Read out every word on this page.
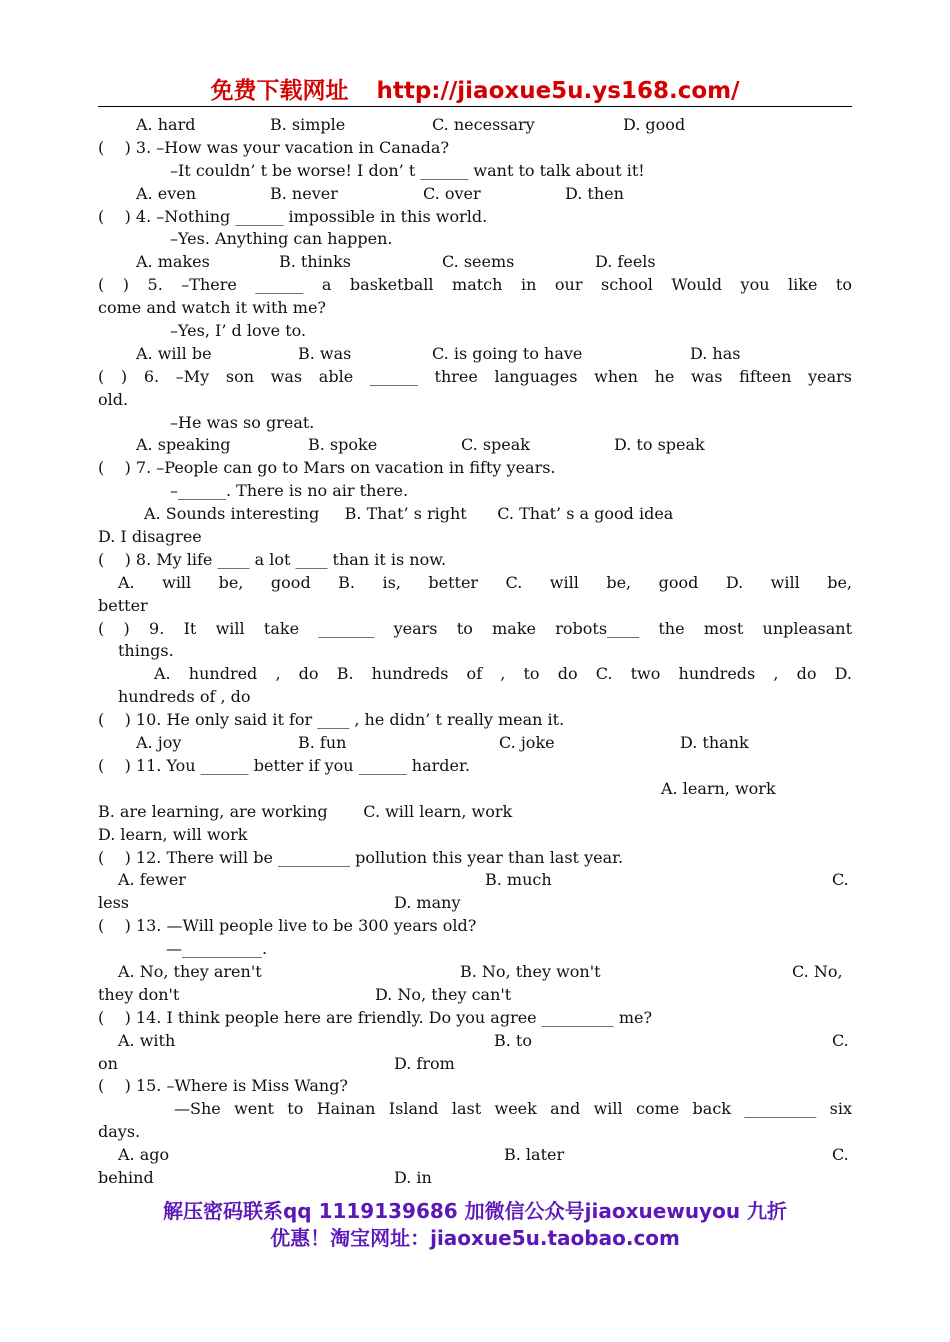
免费下载网址 http://jiaoxue5u.ys168.com/

A. hard

	B. simple

	C. necessary

	D. good

(    ) 3. –How was your vacation in Canada?
–It couldn’ t be worse! I don’ t ______ want to talk about it!

A. even

	B. never

	C. over

	D. then

(    ) 4. –Nothing ______ impossible in this world.
–Yes. Anything can happen.

A. makes

	B. thinks

	C. seems

	D. feels

( ) 5. –There ______ a basketball match in our school Would you like to
come and watch it with me?
–Yes, I’ d love to.

A. will be

	B. was

	C. is going to have

	D. has

( ) 6. –My son was able ______ three languages when he was fifteen years
old.
–He was so great.

A. speaking

	B. spoke

	C. speak

	D. to speak

(    ) 7. –People can go to Mars on vacation in fifty years.
–______. There is no air there.
A. Sounds interesting     B. That’ s right      C. That’ s a good idea
D. I disagree
(    ) 8. My life ____ a lot ____ than it is now.
A. will be, good B. is, better C. will be, good D. will be,
better
( ) 9. It will take _______ years to make robots____ the most unpleasant
things.
A. hundred , do B. hundreds of , to do C. two hundreds , do D.
hundreds of , do
(    ) 10. He only said it for ____ , he didn’ t really mean it.

A. joy

	B. fun

	C. joke

	D. thank

(    ) 11. You ______ better if you ______ harder.
A. learn, work
B. are learning, are working       C. will learn, work
D. learn, will work
(    ) 12. There will be _________ pollution this year than last year.

A. fewer

	B. much

	C.

less

	D. many

(    ) 13. —Will people live to be 300 years old?
—__________.

A. No, they aren't

	B. No, they won't

	C. No,

they don't

	D. No, they can't

(    ) 14. I think people here are friendly. Do you agree _________ me?

A. with

	B. to

	C.

on

	D. from

(    ) 15. –Where is Miss Wang?
—She went to Hainan Island last week and will come back _________ six
days.

A. ago

	B. later

	C.

behind

	D. in

解压密码联系qq 1119139686 加微信公众号jiaoxuewuyou 九折
优惠！淘宝网址：jiaoxue5u.taobao.com
